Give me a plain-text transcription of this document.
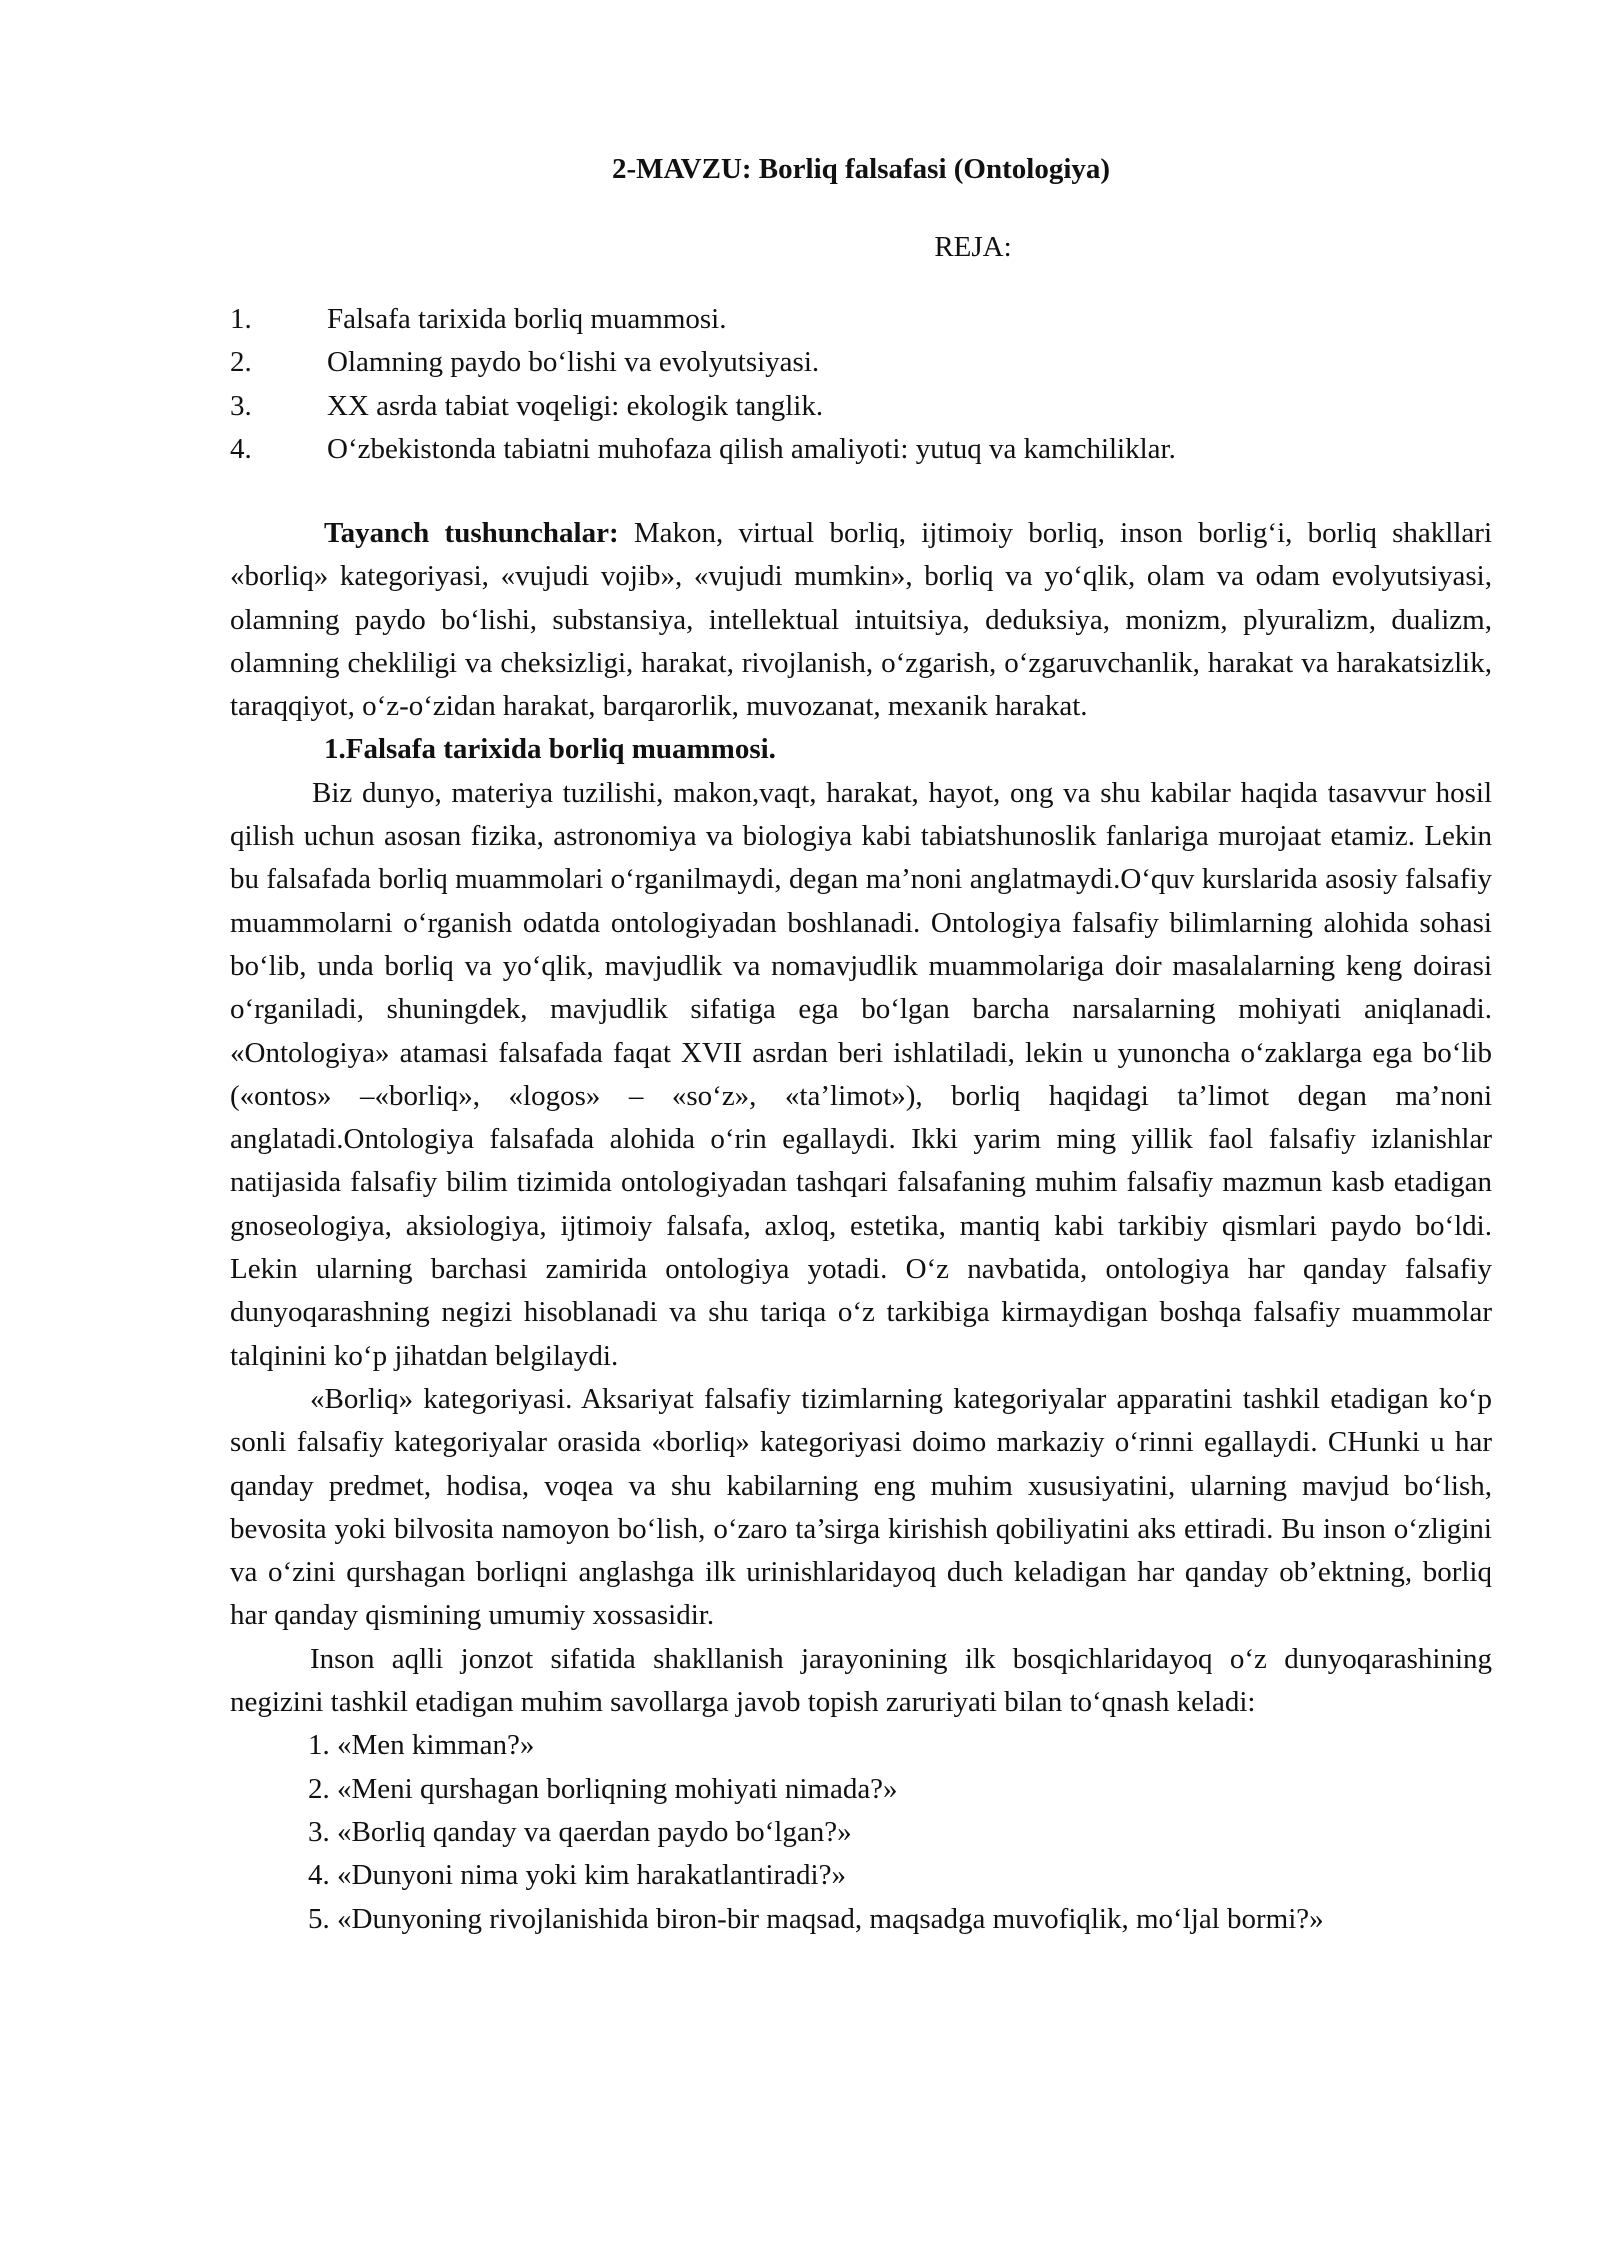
2-MAVZU: Borliq falsafasi (Ontologiya)
REJA:
1.	Falsafa tarixida borliq muammosi.
2.	Olamning paydo bo‘lishi va evolyutsiyasi.
3.	XX asrda tabiat voqeligi: ekologik tanglik.
4.	O‘zbekistonda tabiatni muhofaza qilish amaliyoti: yutuq va kamchiliklar.

Tayanch tushunchalar: Makon, virtual borliq, ijtimoiy borliq, inson borlig‘i, borliq shakllari «borliq» kategoriyasi, «vujudi vojib», «vujudi mumkin», borliq va yo‘qlik, olam va odam evolyutsiyasi, olamning paydo bo‘lishi, substansiya, intellektual intuitsiya, deduksiya, monizm, plyuralizm, dualizm, olamning chekliligi va cheksizligi, harakat, rivojlanish, o‘zgarish, o‘zgaruvchanlik, harakat va harakatsizlik, taraqqiyot, o‘z-o‘zidan harakat, barqarorlik, muvozanat, mexanik harakat.

1.Falsafa tarixida borliq muammosi.

Biz dunyo, materiya tuzilishi, makon,vaqt, harakat, hayot, ong va shu kabilar haqida tasavvur hosil qilish uchun asosan fizika, astronomiya va biologiya kabi tabiatshunoslik fanlariga murojaat etamiz. Lekin bu falsafada borliq muammolari o‘rganilmaydi, degan ma’noni anglatmaydi.O‘quv kurslarida asosiy falsafiy muammolarni o‘rganish odatda ontologiyadan boshlanadi. Ontologiya falsafiy bilimlarning alohida sohasi bo‘lib, unda borliq va yo‘qlik, mavjudlik va nomavjudlik muammolariga doir masalalarning keng doirasi o‘rganiladi, shuningdek, mavjudlik sifatiga ega bo‘lgan barcha narsalarning mohiyati aniqlanadi. «Ontologiya» atamasi falsafada faqat XVII asrdan beri ishlatiladi, lekin u yunoncha o‘zaklarga ega bo‘lib («ontos» –«borliq», «logos» – «so‘z», «ta’limot»), borliq haqidagi ta’limot degan ma’noni anglatadi.Ontologiya falsafada alohida o‘rin egallaydi. Ikki yarim ming yillik faol falsafiy izlanishlar natijasida falsafiy bilim tizimida ontologiyadan tashqari falsafaning muhim falsafiy mazmun kasb etadigan gnoseologiya, aksiologiya, ijtimoiy falsafa, axloq, estetika, mantiq kabi tarkibiy qismlari paydo bo‘ldi. Lekin ularning barchasi zamirida ontologiya yotadi. O‘z navbatida, ontologiya har qanday falsafiy dunyoqarashning negizi hisoblanadi va shu tariqa o‘z tarkibiga kirmaydigan boshqa falsafiy muammolar talqinini ko‘p jihatdan belgilaydi.

«Borliq» kategoriyasi. Aksariyat falsafiy tizimlarning kategoriyalar apparatini tashkil etadigan ko‘p sonli falsafiy kategoriyalar orasida «borliq» kategoriyasi doimo markaziy o‘rinni egallaydi. CHunki u har qanday predmet, hodisa, voqea va shu kabilarning eng muhim xususiyatini, ularning mavjud bo‘lish, bevosita yoki bilvosita namoyon bo‘lish, o‘zaro ta’sirga kirishish qobiliyatini aks ettiradi. Bu inson o‘zligini va o‘zini qurshagan borliqni anglashga ilk urinishlaridayoq duch keladigan har qanday ob’ektning, borliq har qanday qismining umumiy xossasidir.

Inson aqlli jonzot sifatida shakllanish jarayonining ilk bosqichlaridayoq o‘z dunyoqarashining negizini tashkil etadigan muhim savollarga javob topish zaruriyati bilan to‘qnash keladi:

1. «Men kimman?»
2. «Meni qurshagan borliqning mohiyati nimada?»
3. «Borliq qanday va qaerdan paydo bo‘lgan?»
4. «Dunyoni nima yoki kim harakatlantiradi?»
5. «Dunyoning rivojlanishida biron-bir maqsad, maqsadga muvofiqlik, mo‘ljal bormi?»
